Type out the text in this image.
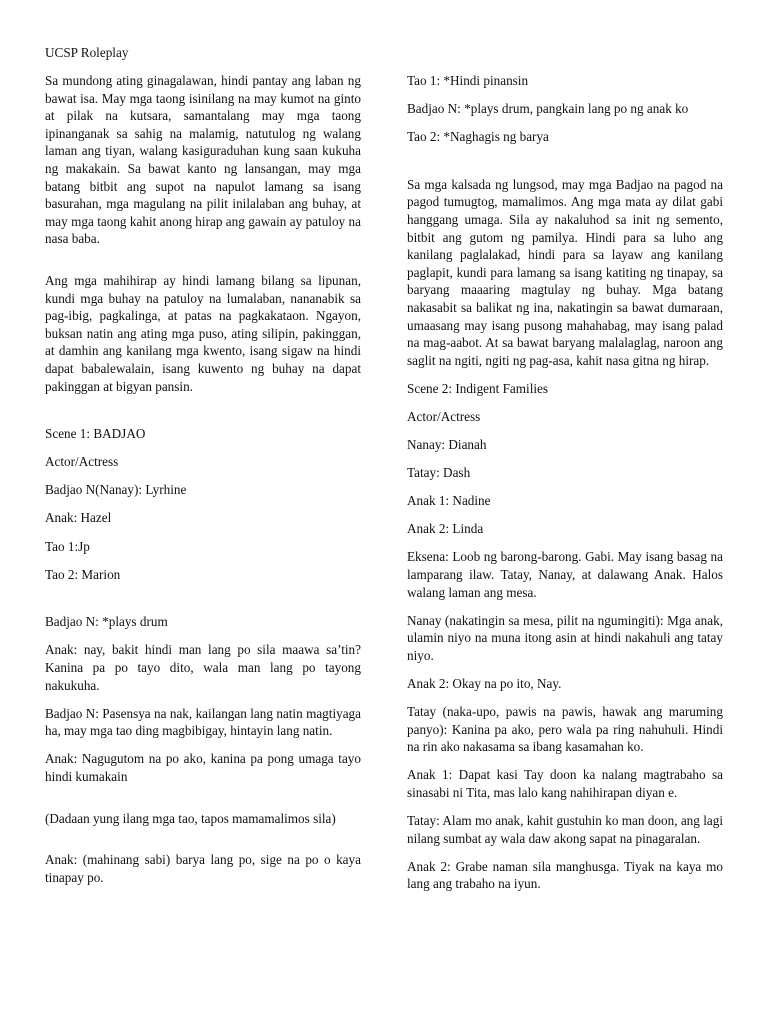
UCSP Roleplay

Sa mundong ating ginagalawan, hindi pantay ang laban ng bawat isa. May mga taong isinilang na may kumot na ginto at pilak na kutsara, samantalang may mga taong ipinanganak sa sahig na malamig, natutulog ng walang laman ang tiyan, walang kasiguraduhan kung saan kukuha ng makakain. Sa bawat kanto ng lansangan, may mga batang bitbit ang supot na napulot lamang sa isang basurahan, mga magulang na pilit inilalaban ang buhay, at may mga taong kahit anong hirap ang gawain ay patuloy na nasa baba.

Ang mga mahihirap ay hindi lamang bilang sa lipunan, kundi mga buhay na patuloy na lumalaban, nananabik sa pag-ibig, pagkalinga, at patas na pagkakataon. Ngayon, buksan natin ang ating mga puso, ating silipin, pakinggan, at damhin ang kanilang mga kwento, isang sigaw na hindi dapat babalewalain, isang kuwento ng buhay na dapat pakinggan at bigyan pansin.

Scene 1: BADJAO

Actor/Actress

Badjao N(Nanay): Lyrhine

Anak: Hazel

Tao 1:Jp

Tao 2: Marion

Badjao N: *plays drum

Anak: nay, bakit hindi man lang po sila maawa sa’tin? Kanina pa po tayo dito, wala man lang po tayong nakukuha.

Badjao N: Pasensya na nak, kailangan lang natin magtiyaga ha, may mga tao ding magbibigay, hintayin lang natin.

Anak: Nagugutom na po ako, kanina pa pong umaga tayo hindi kumakain

(Dadaan yung ilang mga tao, tapos mamamalimos sila)

Anak: (mahinang sabi) barya lang po, sige na po o kaya tinapay po.

Tao 1: *Hindi pinansin

Badjao N: *plays drum, pangkain lang po ng anak ko

Tao 2: *Naghagis ng barya

Sa mga kalsada ng lungsod, may mga Badjao na pagod na pagod tumugtog, mamalimos. Ang mga mata ay dilat gabi hanggang umaga. Sila ay nakaluhod sa init ng semento, bitbit ang gutom ng pamilya. Hindi para sa luho ang kanilang paglalakad, hindi para sa layaw ang kanilang paglapit, kundi para lamang sa isang katiting ng tinapay, sa baryang maaaring magtulay ng buhay. Mga batang nakasabit sa balikat ng ina, nakatingin sa bawat dumaraan, umaasang may isang pusong mahahabag, may isang palad na mag-aabot. At sa bawat baryang malalaglag, naroon ang saglit na ngiti, ngiti ng pag-asa, kahit nasa gitna ng hirap.

Scene 2: Indigent Families

Actor/Actress

Nanay: Dianah

Tatay: Dash

Anak 1: Nadine

Anak 2: Linda

Eksena: Loob ng barong-barong. Gabi. May isang basag na lamparang ilaw. Tatay, Nanay, at dalawang Anak. Halos walang laman ang mesa.

Nanay (nakatingin sa mesa, pilit na ngumingiti): Mga anak, ulamin niyo na muna itong asin at hindi nakahuli ang tatay niyo.

Anak 2: Okay na po ito, Nay.

Tatay (naka-upo, pawis na pawis, hawak ang maruming panyo): Kanina pa ako, pero wala pa ring nahuhuli. Hindi na rin ako nakasama sa ibang kasamahan ko.

Anak 1: Dapat kasi Tay doon ka nalang magtrabaho sa sinasabi ni Tita, mas lalo kang nahihirapan diyan e.

Tatay: Alam mo anak, kahit gustuhin ko man doon, ang lagi nilang sumbat ay wala daw akong sapat na pinagaralan.

Anak 2: Grabe naman sila manghusga. Tiyak na kaya mo lang ang trabaho na iyun.
